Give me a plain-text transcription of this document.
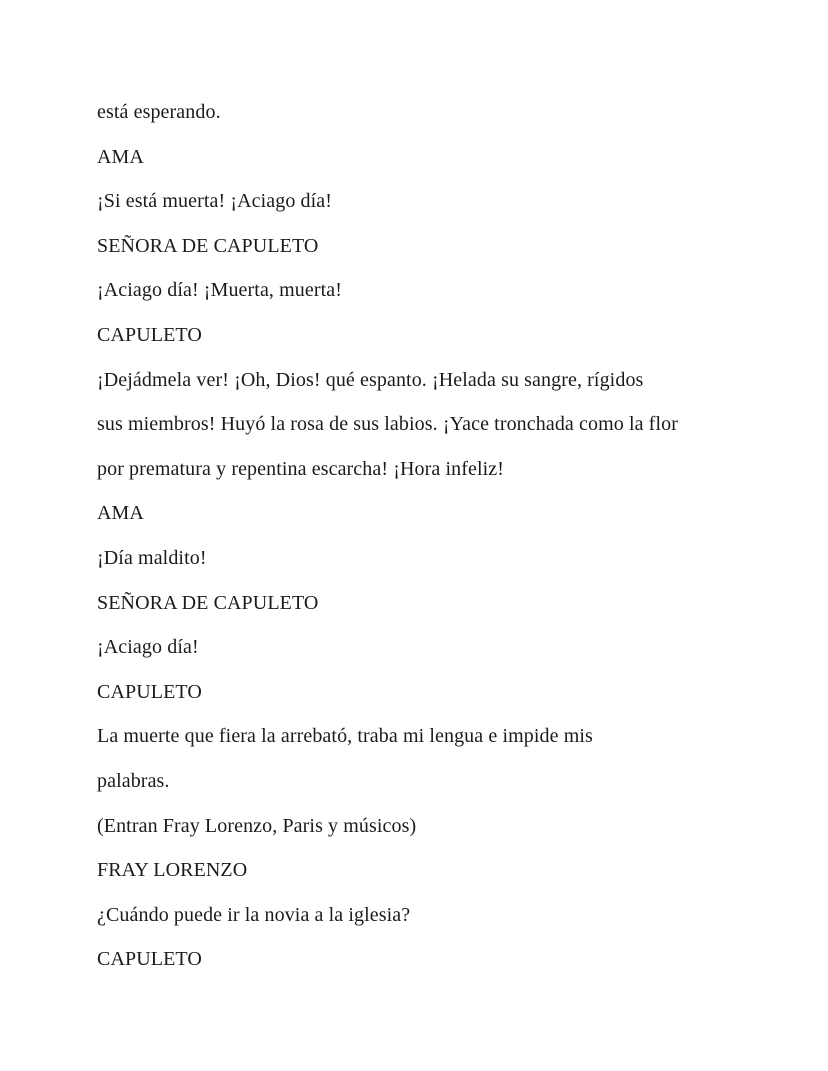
está esperando.
AMA
¡Si está muerta! ¡Aciago día!
SEÑORA DE CAPULETO
¡Aciago día! ¡Muerta, muerta!
CAPULETO
¡Dejádmela ver! ¡Oh, Dios! qué espanto. ¡Helada su sangre, rígidos
sus miembros! Huyó la rosa de sus labios. ¡Yace tronchada como la flor
por prematura y repentina escarcha! ¡Hora infeliz!
AMA
¡Día maldito!
SEÑORA DE CAPULETO
¡Aciago día!
CAPULETO
La muerte que fiera la arrebató, traba mi lengua e impide mis
palabras.
(Entran Fray Lorenzo, Paris y músicos)
FRAY LORENZO
¿Cuándo puede ir la novia a la iglesia?
CAPULETO
